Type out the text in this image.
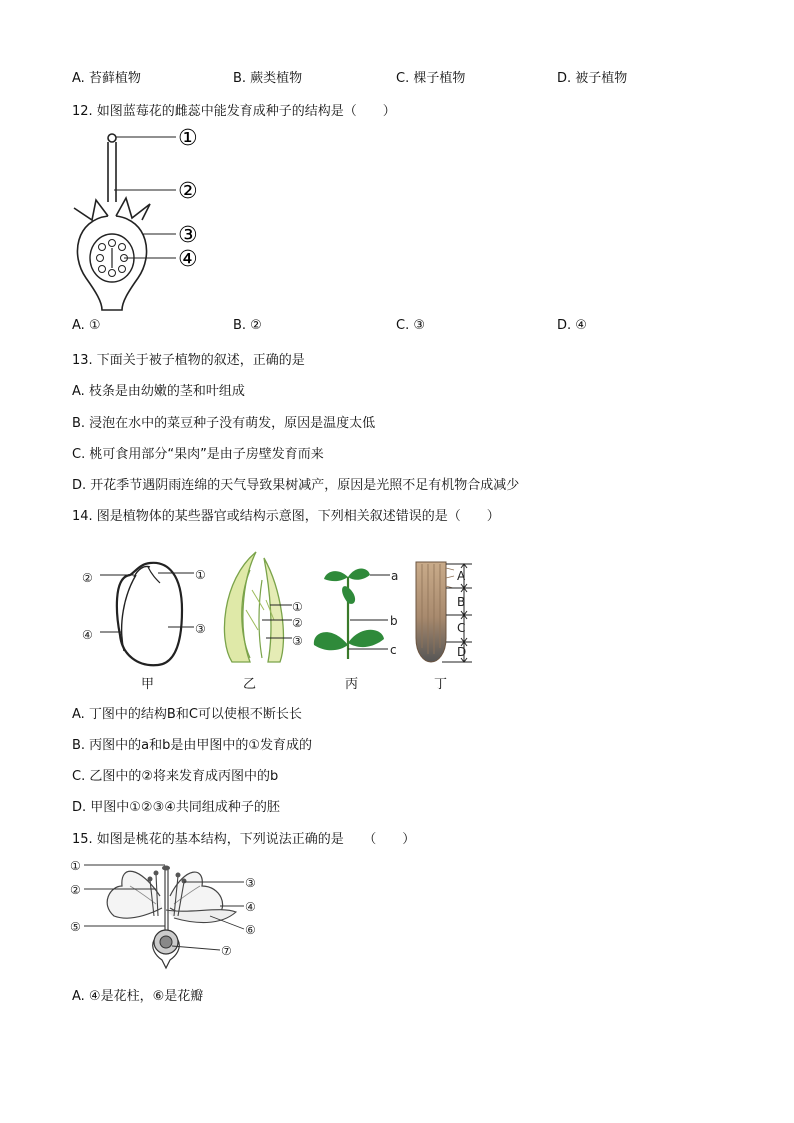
A. 苔藓植物	B. 蕨类植物	C. 棵子植物	D. 被子植物
12. 如图蓝莓花的雌蕊中能发育成种子的结构是（　　）
①
②
③
④
A. ①	B. ②	C. ③	D. ④
13. 下面关于被子植物的叙述，正确的是
A. 枝条是由幼嫩的茎和叶组成
B. 浸泡在水中的菜豆种子没有萌发，原因是温度太低
C. 桃可食用部分“果肉”是由子房壁发育而来
D. 开花季节遇阴雨连绵的天气导致果树减产，原因是光照不足有机物合成减少
14. 图是植物体的某些器官或结构示意图，下列相关叙述错误的是（　　）
②	①
④	③
①
②
③
a
b
c
A
B
C
D
甲	乙	丙	丁
A. 丁图中的结构B和C可以使根不断长长
B. 丙图中的a和b是由甲图中的①发育成的
C. 乙图中的②将来发育成丙图中的b
D. 甲图中①②③④共同组成种子的胚
15. 如图是桃花的基本结构，下列说法正确的是　　（　　）
①
②	③
④
⑤	⑥
⑦
A. ④是花柱，⑥是花瓣
